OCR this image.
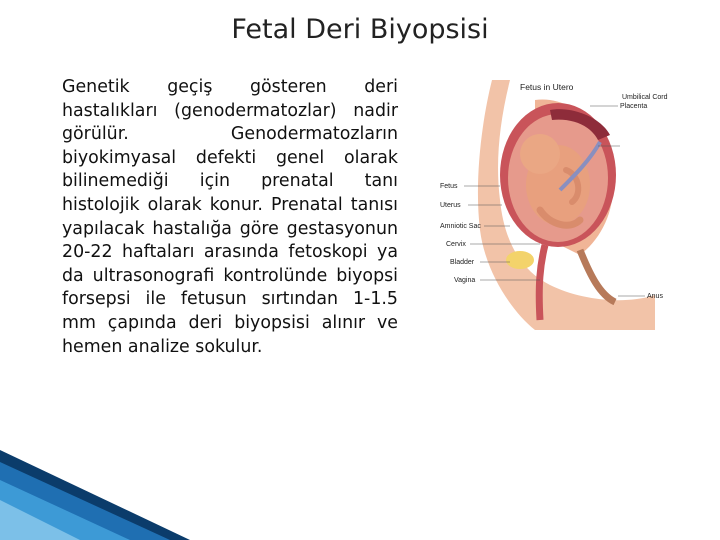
Fetal Deri Biyopsisi

Genetik geçiş gösteren deri hastalıkları (genodermatozlar) nadir görülür. Genodermatozların biyokimyasal defekti genel olarak bilinemediği için prenatal tanı histolojik olarak konur. Prenatal tanısı yapılacak hastalığa göre gestasyonun 20-22 haftaları arasında fetoskopi ya da ultrasonografi kontrolünde biyopsi forsepsi ile fetusun sırtından 1-1.5 mm çapında deri biyopsisi alınır ve hemen analize sokulur.

Fetus in Utero
Placenta
Umbilical Cord
Fetus
Uterus
Amniotic Sac
Cervix
Bladder
Vagina
Anus
